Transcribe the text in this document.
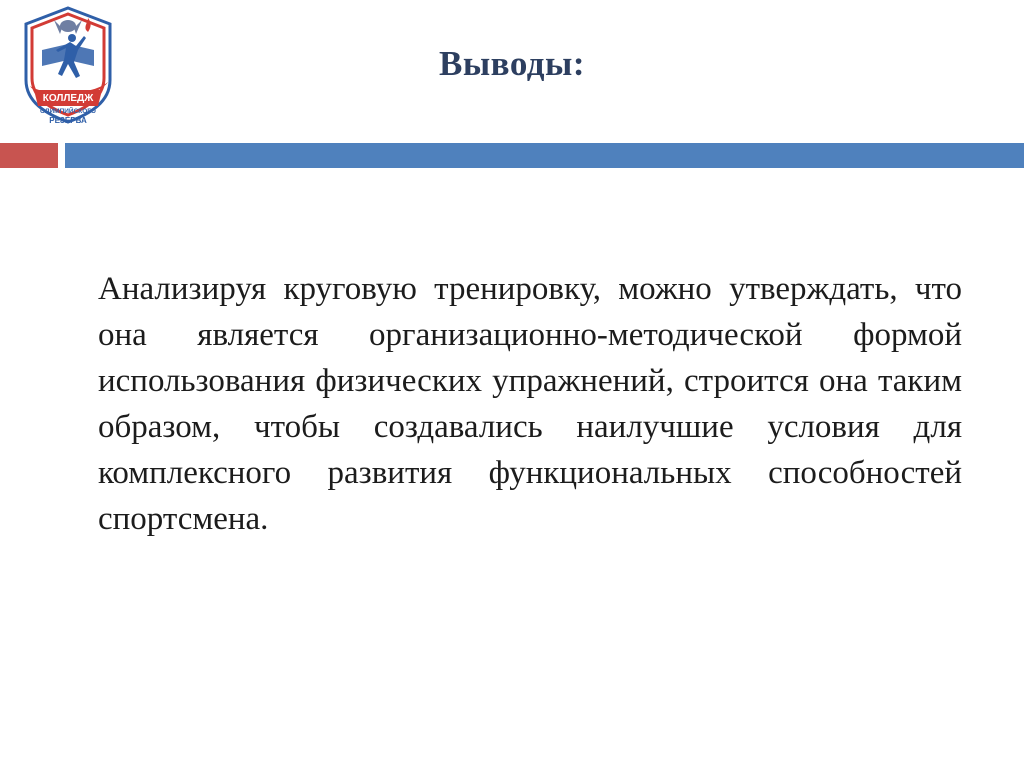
КОЛЛЕДЖ
ОЛИМПИЙСКОГО
РЕЗЕРВА
Выводы:
Анализируя круговую тренировку, можно утверждать, что она является организационно-методической формой использования физических упражнений, строится она таким образом, чтобы создавались наилучшие условия для комплексного развития функциональных способностей спортсмена.
